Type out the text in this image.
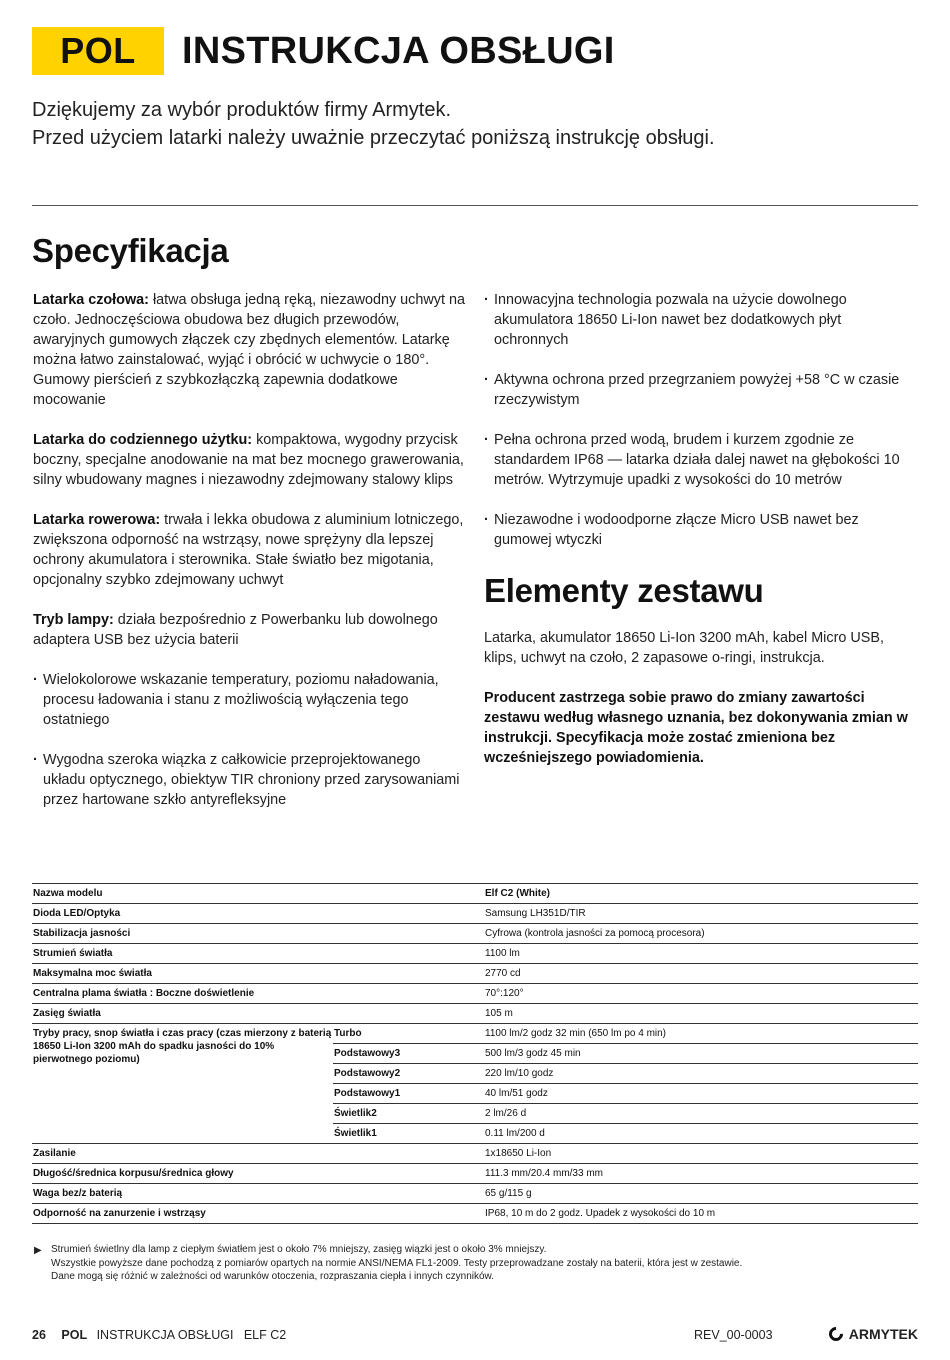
POL	INSTRUKCJA OBSŁUGI
Dziękujemy za wybór produktów firmy Armytek.
Przed użyciem latarki należy uważnie przeczytać poniższą instrukcję obsługi.
Specyfikacja

Latarka czołowa: łatwa obsługa jedną ręką, niezawodny uchwyt na czoło. Jednoczęściowa obudowa bez długich przewodów, awaryjnych gumowych złączek czy zbędnych elementów. Latarkę można łatwo zainstalować, wyjąć i obrócić w uchwycie o 180°. Gumowy pierścień z szybkozłączką zapewnia dodatkowe mocowanie

Latarka do codziennego użytku: kompaktowa, wygodny przycisk boczny, specjalne anodowanie na mat bez mocnego grawerowania, silny wbudowany magnes i niezawodny zdejmowany stalowy klips

Latarka rowerowa: trwała i lekka obudowa z aluminium lotniczego, zwiększona odporność na wstrząsy, nowe sprężyny dla lepszej ochrony akumulatora i sterownika. Stałe światło bez migotania, opcjonalny szybko zdejmowany uchwyt

Tryb lampy: działa bezpośrednio z Powerbanku lub dowolnego adaptera USB bez użycia baterii

· Wielokolorowe wskazanie temperatury, poziomu naładowania, procesu ładowania i stanu z możliwością wyłączenia tego ostatniego
· Wygodna szeroka wiązka z całkowicie przeprojektowanego układu optycznego, obiektyw TIR chroniony przed zarysowaniami przez hartowane szkło antyrefleksyjne
· Innowacyjna technologia pozwala na użycie dowolnego akumulatora 18650 Li-Ion nawet bez dodatkowych płyt ochronnych
· Aktywna ochrona przed przegrzaniem powyżej +58 °C w czasie rzeczywistym
· Pełna ochrona przed wodą, brudem i kurzem zgodnie ze standardem IP68 — latarka działa dalej nawet na głębokości 10 metrów. Wytrzymuje upadki z wysokości do 10 metrów
· Niezawodne i wodoodporne złącze Micro USB nawet bez gumowej wtyczki
Elementy zestawu

Latarka, akumulator 18650 Li-Ion 3200 mAh, kabel Micro USB, klips, uchwyt na czoło, 2 zapasowe o-ringi, instrukcja.

Producent zastrzega sobie prawo do zmiany zawartości zestawu według własnego uznania, bez dokonywania zmian w instrukcji. Specyfikacja może zostać zmieniona bez wcześniejszego powiadomienia.

Nazwa modelu		Elf C2 (White)
Dioda LED/Optyka		Samsung LH351D/TIR
Stabilizacja jasności		Cyfrowa (kontrola jasności za pomocą procesora)
Strumień światła		1100 lm
Maksymalna moc światła		2770 cd
Centralna plama światła : Boczne doświetlenie		70°:120°
Zasięg światła		105 m
Tryby pracy, snop światła i czas pracy (czas mierzony z baterią 18650 Li-Ion 3200 mAh do spadku jasności do 10% pierwotnego poziomu)	Turbo	1100 lm/2 godz 32 min (650 lm po 4 min)
	Podstawowy3	500 lm/3 godz 45 min
	Podstawowy2	220 lm/10 godz
	Podstawowy1	40 lm/51 godz
	Świetlik2	2 lm/26 d
	Świetlik1	0.11 lm/200 d
Zasilanie		1x18650 Li-Ion
Długość/średnica korpusu/średnica głowy		111.3 mm/20.4 mm/33 mm
Waga bez/z baterią		65 g/115 g
Odporność na zanurzenie i wstrząsy		IP68, 10 m do 2 godz. Upadek z wysokości do 10 m
▶ Strumień świetlny dla lamp z ciepłym światłem jest o około 7% mniejszy, zasięg wiązki jest o około 3% mniejszy.
Wszystkie powyższe dane pochodzą z pomiarów opartych na normie ANSI/NEMA FL1-2009. Testy przeprowadzane zostały na baterii, która jest w zestawie.
Dane mogą się różnić w zależności od warunków otoczenia, rozpraszania ciepła i innych czynników.
26 POL INSTRUKCJA OBSŁUGI   ELF C2	REV_00-0003	ARMYTEK
